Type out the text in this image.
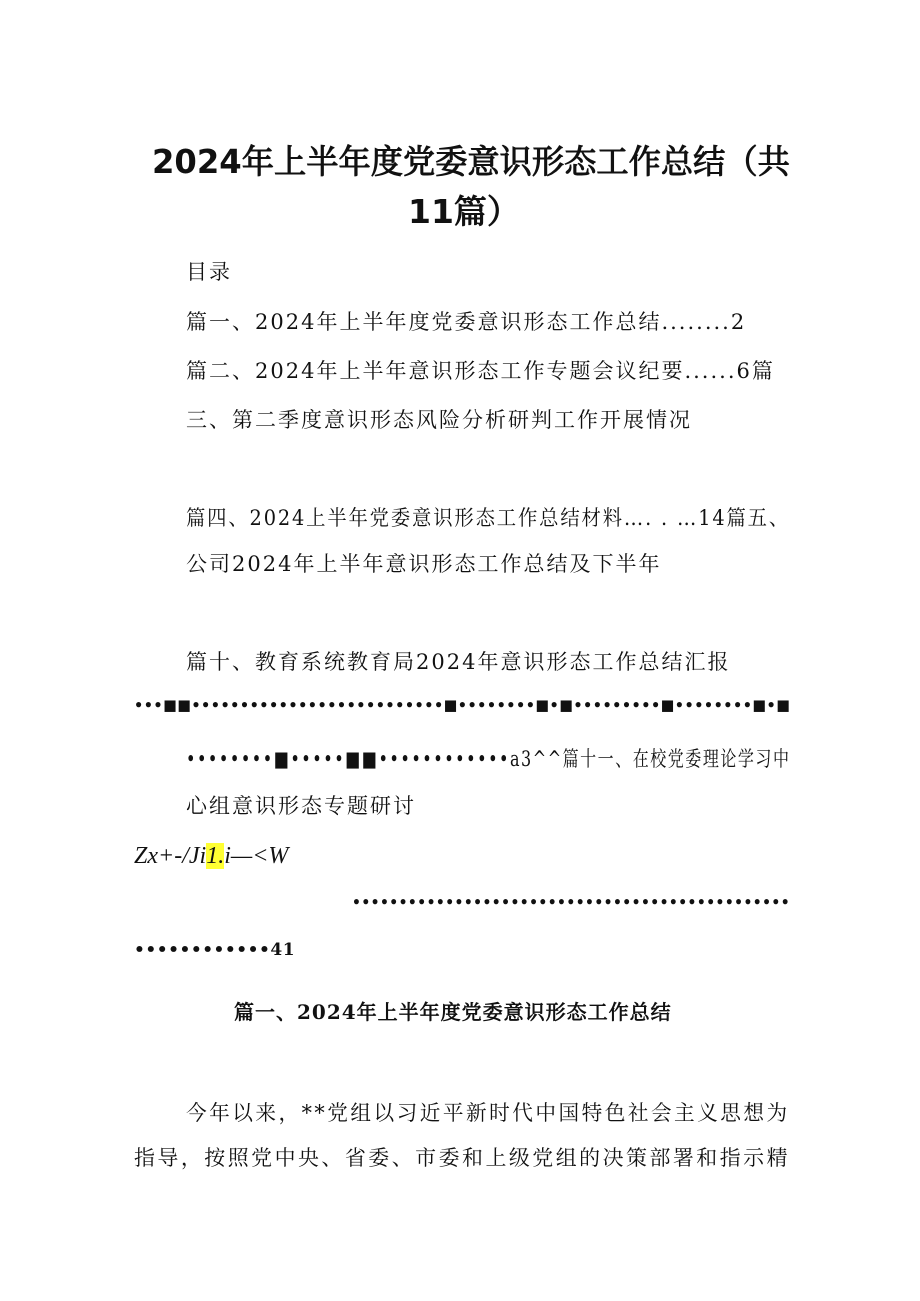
2024年上半年度党委意识形态工作总结（共
11篇）

目录

篇一、2024年上半年度党委意识形态工作总结........2

篇二、2024年上半年意识形态工作专题会议纪要......6篇

三、第二季度意识形态风险分析研判工作开展情况

篇四、2024上半年党委意识形态工作总结材料…. . …14篇五、

公司2024年上半年意识形态工作总结及下半年

篇十、教育系统教育局2024年意识形态工作总结汇报

•••■■••••••••••••••••••••••••••■••••••••■•■•••••••••■••••••••■•■

••••••••■•••••■■••••••••••••a3^^篇十一、在校党委理论学习中

心组意识形态专题研讨

Zx+-/Ji1.i—<W

•••••••••••••••••••••••••••••••••••••••••••••••

••••••••••••41

篇一、2024年上半年度党委意识形态工作总结

今年以来，**党组以习近平新时代中国特色社会主义思想为

指导，按照党中央、省委、市委和上级党组的决策部署和指示精
